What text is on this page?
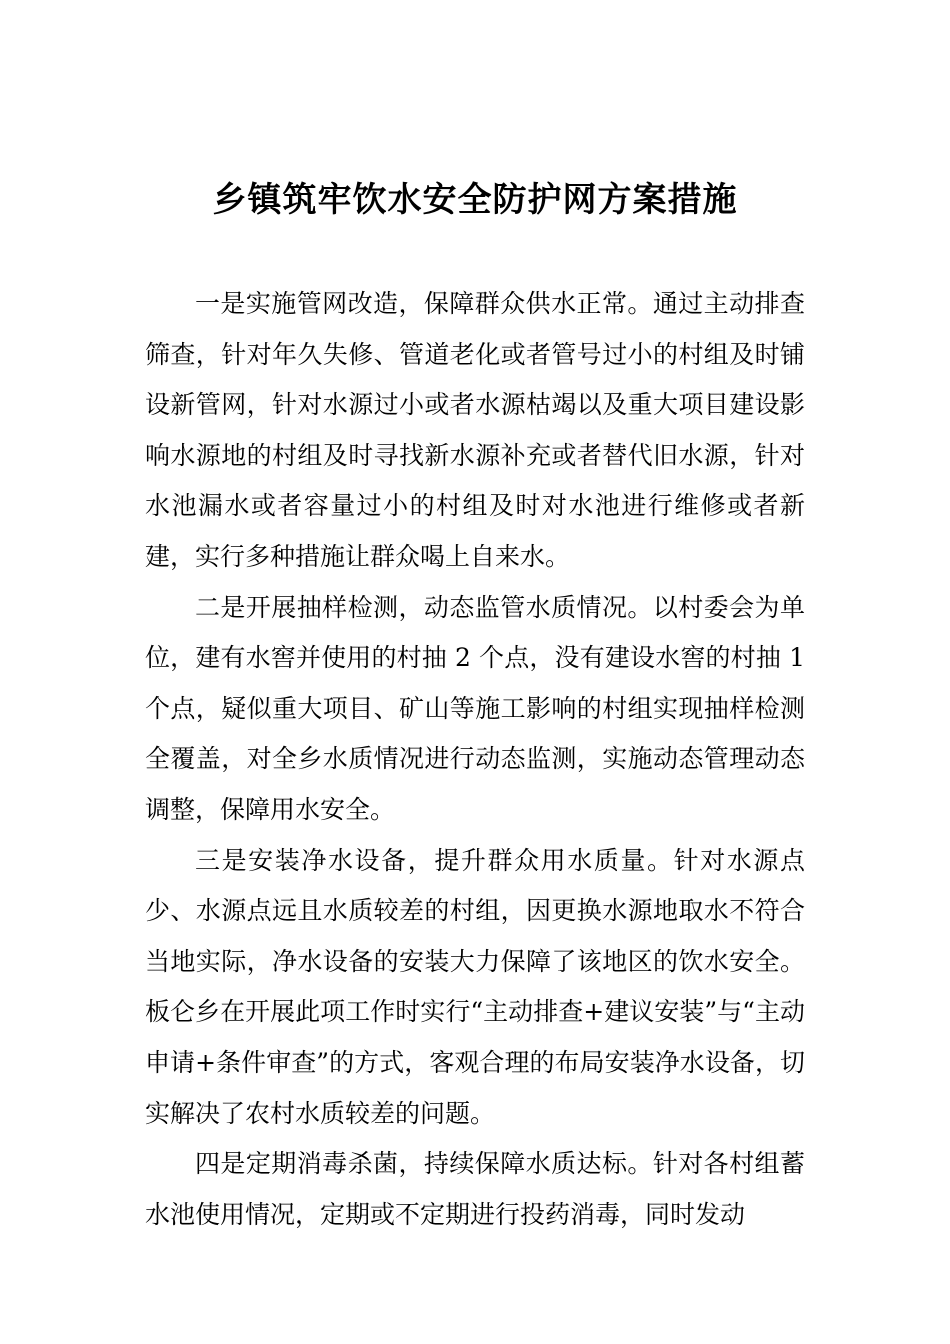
乡镇筑牢饮水安全防护网方案措施

一是实施管网改造，保障群众供水正常。通过主动排查筛查，针对年久失修、管道老化或者管号过小的村组及时铺设新管网，针对水源过小或者水源枯竭以及重大项目建设影响水源地的村组及时寻找新水源补充或者替代旧水源，针对水池漏水或者容量过小的村组及时对水池进行维修或者新建，实行多种措施让群众喝上自来水。

二是开展抽样检测，动态监管水质情况。以村委会为单位，建有水窖并使用的村抽 2 个点，没有建设水窖的村抽 1 个点，疑似重大项目、矿山等施工影响的村组实现抽样检测全覆盖，对全乡水质情况进行动态监测，实施动态管理动态调整，保障用水安全。

三是安装净水设备，提升群众用水质量。针对水源点少、水源点远且水质较差的村组，因更换水源地取水不符合当地实际，净水设备的安装大力保障了该地区的饮水安全。板仑乡在开展此项工作时实行“主动排查+建议安装”与“主动申请+条件审查”的方式，客观合理的布局安装净水设备，切实解决了农村水质较差的问题。

四是定期消毒杀菌，持续保障水质达标。针对各村组蓄水池使用情况，定期或不定期进行投药消毒，同时发动
